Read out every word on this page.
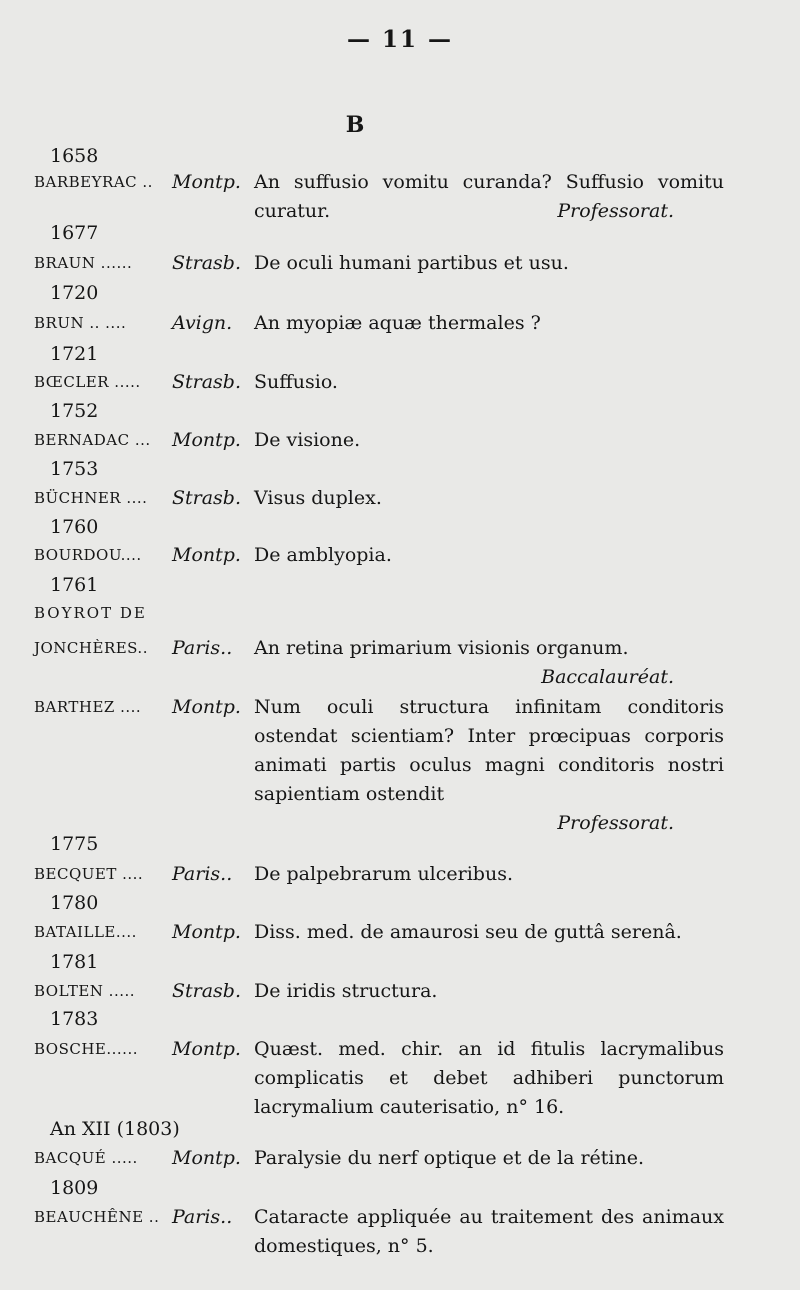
— 11 —
B
1658
BARBEYRAC ..	Montp. An suffusio vomitu curanda? Suffusio vomitu curatur.	Professorat.
1677
BRAUN ......	Strasb. De oculi humani partibus et usu.
1720
BRUN .. ....	Avign.	An myopiæ aquæ thermales ?
1721
BŒCLER .....	Strasb. Suffusio.
1752
BERNADAC ...	Montp. De visione.
1753
BÜCHNER ....	Strasb. Visus duplex.
1760
BOURDOU....	Montp. De amblyopia.
1761
BOYROT DE
JONCHÈRES..	Paris..	An retina primarium visionis organum.
Baccalauréat.
BARTHEZ ....	Montp. Num oculi structura infinitam conditoris ostendat scientiam? Inter prœcipuas corporis animati partis oculus magni conditoris nostri sapientiam ostendit
Professorat.
1775
BECQUET ....	Paris..	De palpebrarum ulceribus.
1780
BATAILLE....	Montp. Diss. med. de amaurosi seu de guttâ serenâ.
1781
BOLTEN .....	Strasb. De iridis structura.
1783
BOSCHE......	Montp. Quæst. med. chir. an id fitulis lacrymalibus complicatis et debet adhiberi punctorum lacrymalium cauterisatio, n° 16.
An XII (1803)
BACQUÉ .....	Montp. Paralysie du nerf optique et de la rétine.
1809
BEAUCHÊNE .. Paris..	Cataracte appliquée au traitement des animaux domestiques, n° 5.
